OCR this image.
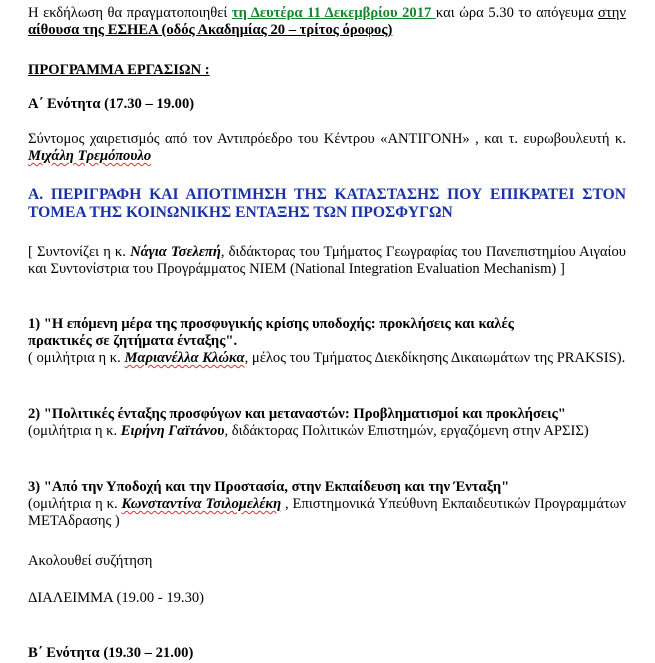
Η εκδήλωση θα πραγματοποιηθεί τη Δευτέρα 11 Δεκεμβρίου 2017 και ώρα 5.30 το απόγευμα στην αίθουσα της ΕΣΗΕΑ (οδός Ακαδημίας 20 – τρίτος όροφος)

ΠΡΟΓΡΑΜΜΑ ΕΡΓΑΣΙΩΝ :

Α΄ Ενότητα (17.30 – 19.00)

Σύντομος χαιρετισμός από τον Αντιπρόεδρο του Κέντρου «ΑΝΤΙΓΟΝΗ» , και τ. ευρωβουλευτή κ. Μιχάλη Τρεμόπουλο

Α. ΠΕΡΙΓΡΑΦΗ ΚΑΙ ΑΠΟΤΙΜΗΣΗ ΤΗΣ ΚΑΤΑΣΤΑΣΗΣ ΠΟΥ ΕΠΙΚΡΑΤΕΙ ΣΤΟΝ ΤΟΜΕΑ ΤΗΣ ΚΟΙΝΩΝΙΚΗΣ ΕΝΤΑΞΗΣ ΤΩΝ ΠΡΟΣΦΥΓΩΝ

[ Συντονίζει η κ. Νάγια Τσελεπή, διδάκτορας του Τμήματος Γεωγραφίας του Πανεπιστημίου Αιγαίου και Συντονίστρια του Προγράμματος NIEM (National Integration Evaluation Mechanism) ]

1) "Η επόμενη μέρα της προσφυγικής κρίσης υποδοχής: προκλήσεις και καλές πρακτικές σε ζητήματα ένταξης".

( ομιλήτρια η κ. Μαριανέλλα Κλώκα, μέλος του Τμήματος Διεκδίκησης Δικαιωμάτων της PRAKSIS).

2) "Πολιτικές ένταξης προσφύγων και μεταναστών: Προβληματισμοί και προκλήσεις"

(ομιλήτρια η κ. Ειρήνη Γαϊτάνου, διδάκτορας Πολιτικών Επιστημών, εργαζόμενη στην ΑΡΣΙΣ)

3) "Από την Υποδοχή και την Προστασία, στην Εκπαίδευση και την Ένταξη"

(ομιλήτρια η κ. Κωνσταντίνα Τσιλομελέκη , Επιστημονικά Υπεύθυνη Εκπαιδευτικών Προγραμμάτων ΜΕΤΑδρασης )

Ακολουθεί συζήτηση

ΔΙΑΛΕΙΜΜΑ (19.00 - 19.30)

Β΄ Ενότητα (19.30 – 21.00)
